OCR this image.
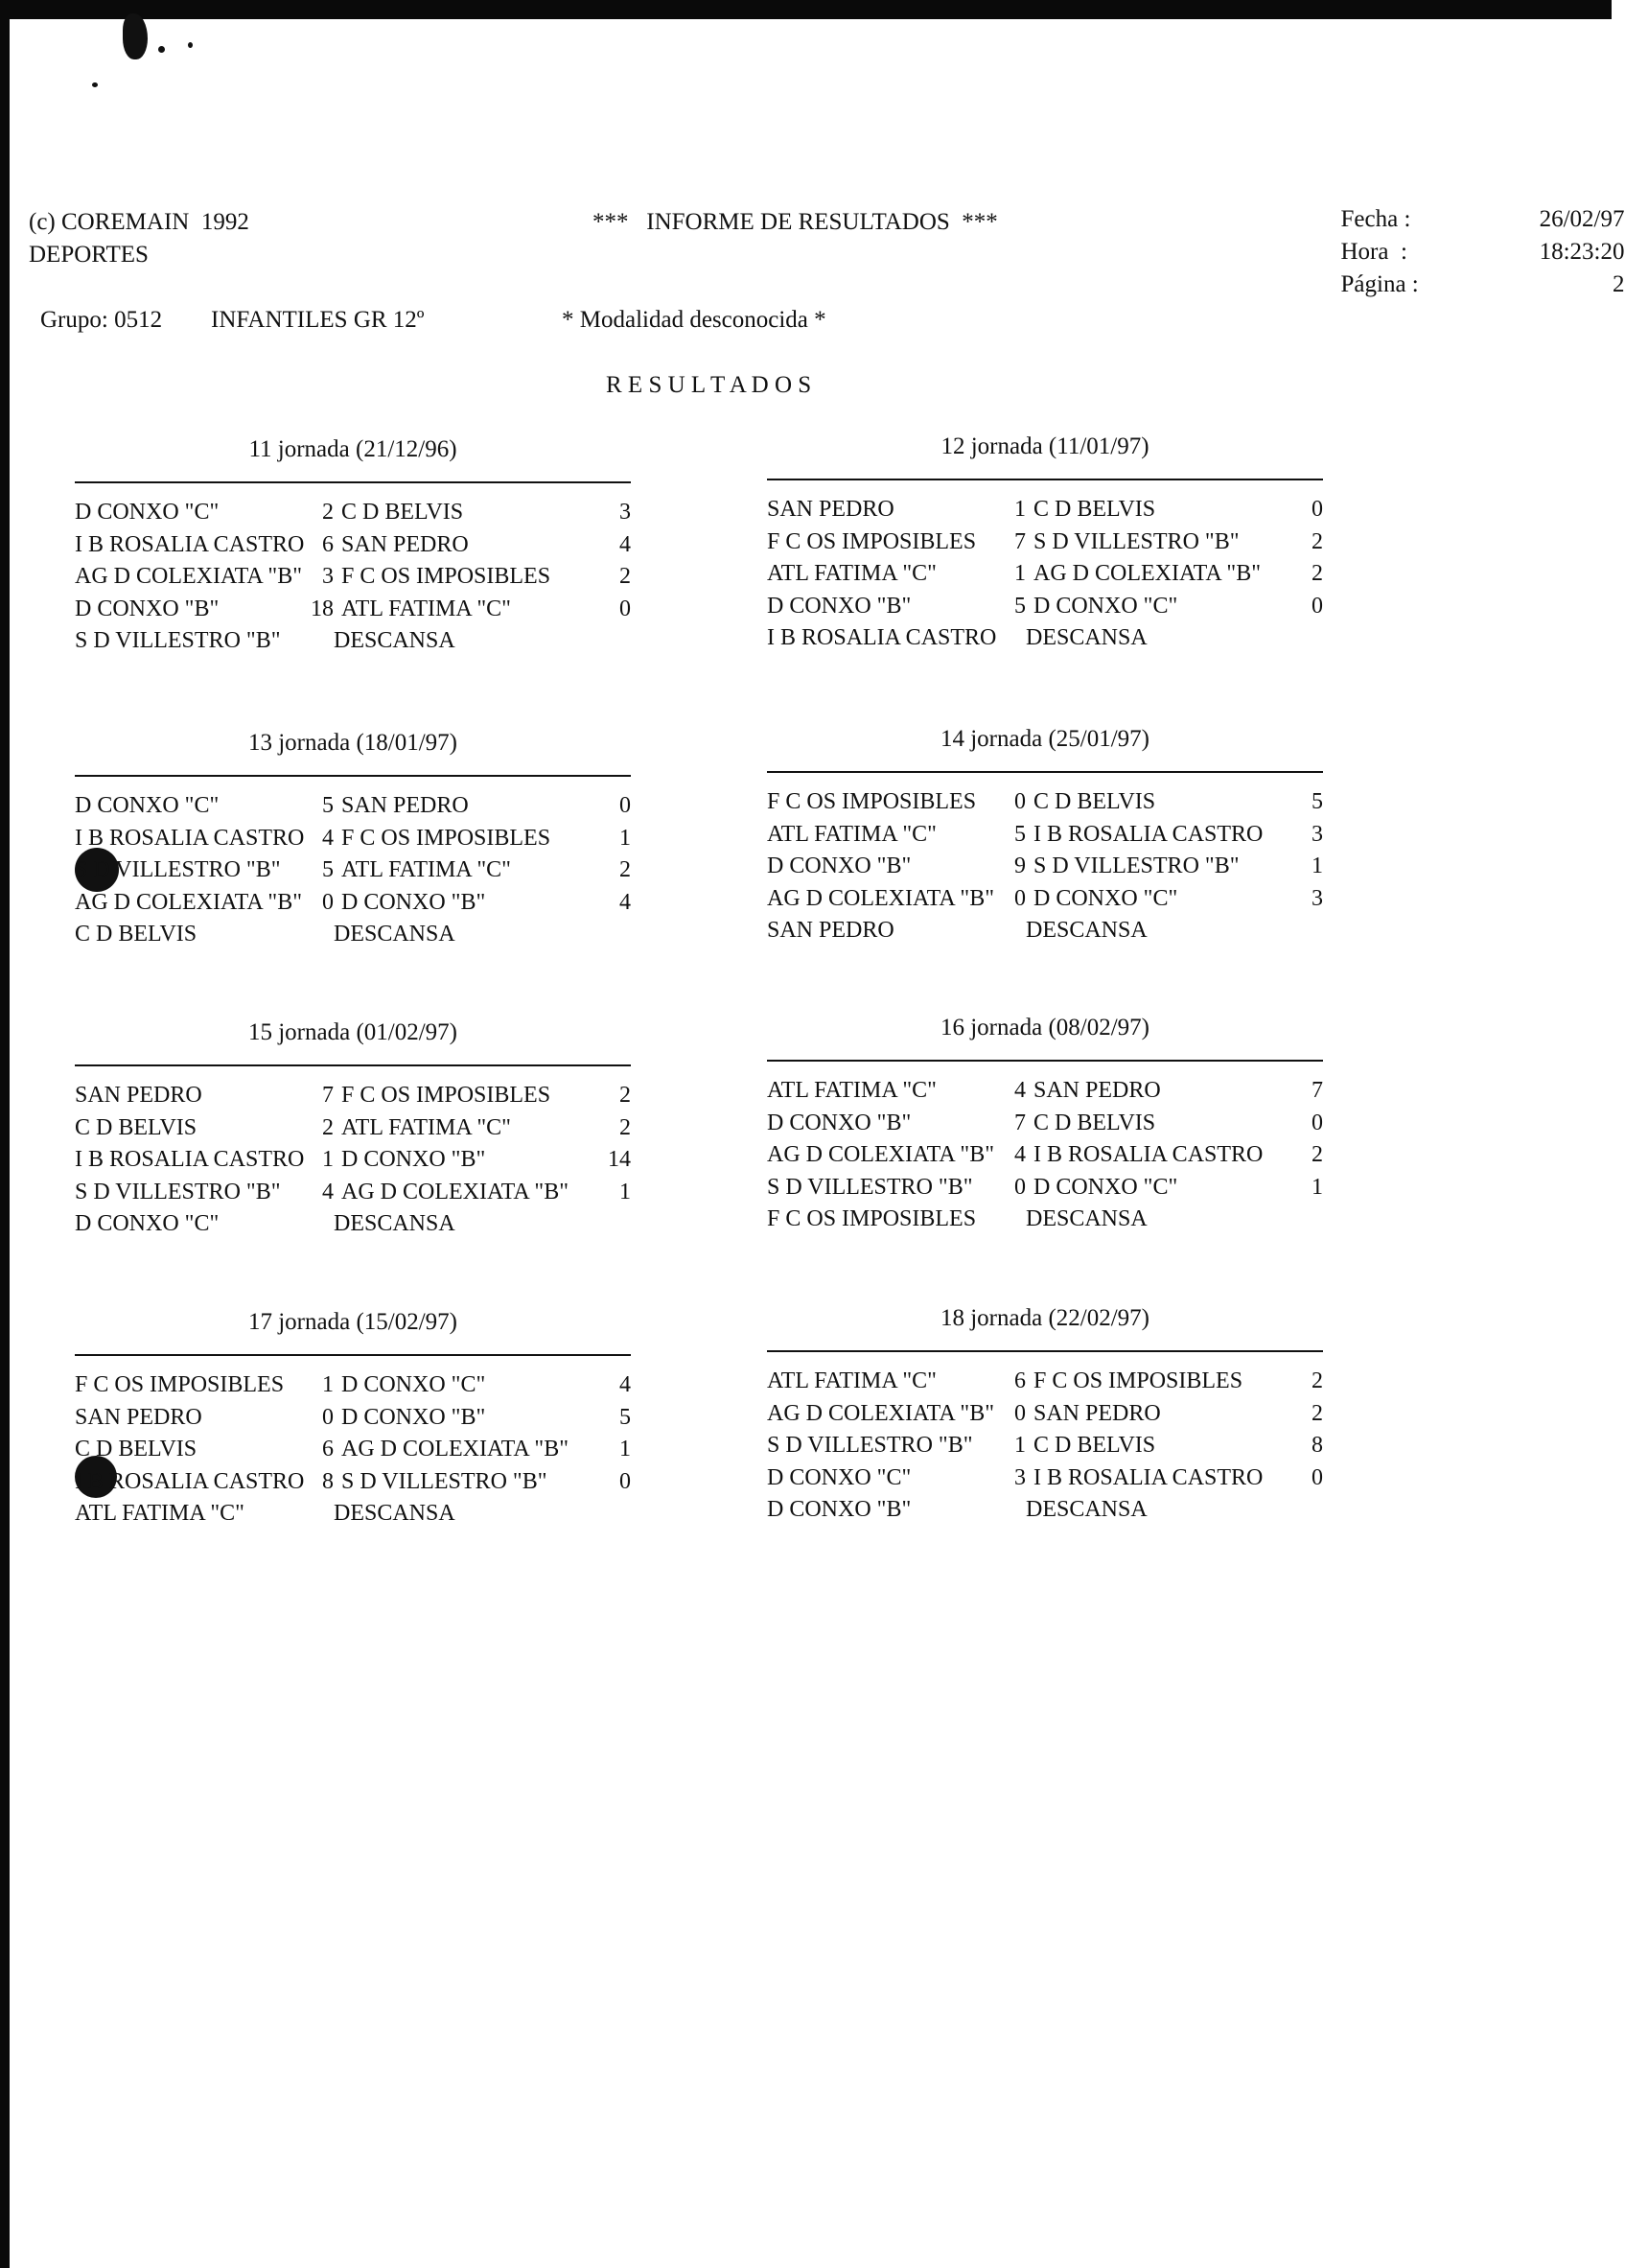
(c) COREMAIN  1992
DEPORTES
***   INFORME DE RESULTADOS  ***	Fecha :	26/02/97

Hora  :	18:23:20

Página :	2

Grupo: 0512 INFANTILES GR 12º	* Modalidad desconocida *
R E S U L T A D O S
11 jornada (21/12/96)
D CONXO "C"	2 C D BELVIS	3
I B ROSALIA CASTRO 6 SAN PEDRO	4
AG D COLEXIATA "B" 3 F C OS IMPOSIBLES	2
D CONXO "B"	18 ATL FATIMA "C"	0
S D VILLESTRO "B" DESCANSA
12 jornada (11/01/97)
SAN PEDRO	1 C D BELVIS	0
F C OS IMPOSIBLES	7 S D VILLESTRO "B"	2
ATL FATIMA "C"	1 AG D COLEXIATA "B"	2
D CONXO "B"	5 D CONXO "C"	0
I B ROSALIA CASTRO DESCANSA
13 jornada (18/01/97)
D CONXO "C"	5 SAN PEDRO	0
I B ROSALIA CASTRO 4 F C OS IMPOSIBLES	1
S D VILLESTRO "B"	5 ATL FATIMA "C"	2
AG D COLEXIATA "B" 0 D CONXO "B"	4
C D BELVIS	DESCANSA
14 jornada (25/01/97)
F C OS IMPOSIBLES	0 C D BELVIS	5
ATL FATIMA "C"	5 I B ROSALIA CASTRO	3
D CONXO "B"	9 S D VILLESTRO "B"	1
AG D COLEXIATA "B" 0 D CONXO "C"	3
SAN PEDRO	DESCANSA
15 jornada (01/02/97)
SAN PEDRO	7 F C OS IMPOSIBLES	2
C D BELVIS	2 ATL FATIMA "C"	2
I B ROSALIA CASTRO 1 D CONXO "B"	14
S D VILLESTRO "B"	4 AG D COLEXIATA "B"	1
D CONXO "C"	DESCANSA
16 jornada (08/02/97)
ATL FATIMA "C"	4 SAN PEDRO	7
D CONXO "B"	7 C D BELVIS	0
AG D COLEXIATA "B" 4 I B ROSALIA CASTRO	2
S D VILLESTRO "B"	0 D CONXO "C"	1
F C OS IMPOSIBLES DESCANSA
17 jornada (15/02/97)
F C OS IMPOSIBLES	1 D CONXO "C"	4
SAN PEDRO	0 D CONXO "B"	5
C D BELVIS	6 AG D COLEXIATA "B"	1
I B ROSALIA CASTRO 8 S D VILLESTRO "B"	0
ATL FATIMA "C"	DESCANSA
18 jornada (22/02/97)
ATL FATIMA "C"	6 F C OS IMPOSIBLES	2
AG D COLEXIATA "B" 0 SAN PEDRO	2
S D VILLESTRO "B"	1 C D BELVIS	8
D CONXO "C"	3 I B ROSALIA CASTRO	0
D CONXO "B"	DESCANSA
